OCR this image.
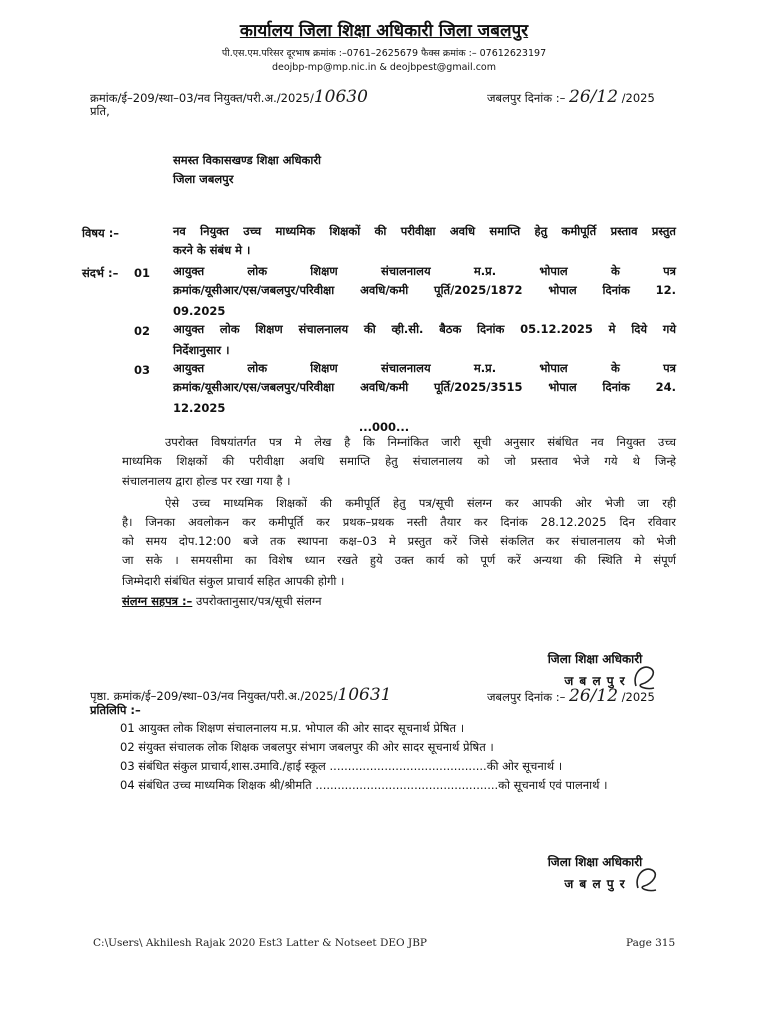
कार्यालय जिला शिक्षा अधिकारी जिला जबलपुर
पी.एस.एम.परिसर दूरभाष क्रमांक :–0761–2625679 फैक्स क्रमांक :– 07612623197
deojbp-mp@mp.nic.in & deojbpest@gmail.com
क्रमांक/ई–209/स्था–03/नव नियुक्त/परी.अ./2025/10630	जबलपुर दिनांक :– 26/12 /2025
प्रति,
समस्त विकासखण्ड शिक्षा अधिकारी
जिला जबलपुर
विषय :–	नव नियुक्त उच्च माध्यमिक शिक्षकों की परीवीक्षा अवधि समाप्ति हेतु कमीपूर्ति प्रस्ताव प्रस्तुत
करने के संबंध मे ।
संदर्भ :– 01 आयुक्त लोक शिक्षण संचालनालय म.प्र. भोपाल के पत्र
क्रमांक/यूसीआर/एस/जबलपुर/परिवीक्षा अवधि/कमी पूर्ति/2025/1872 भोपाल दिनांक 12.
09.2025
02 आयुक्त लोक शिक्षण संचालनालय की व्ही.सी. बैठक दिनांक 05.12.2025 मे दिये गये
निर्देशानुसार ।
03 आयुक्त लोक शिक्षण संचालनालय म.प्र. भोपाल के पत्र
क्रमांक/यूसीआर/एस/जबलपुर/परिवीक्षा अवधि/कमी पूर्ति/2025/3515 भोपाल दिनांक 24.
12.2025
...000...
उपरोक्त विषयांतर्गत पत्र मे लेख है कि निम्नांकित जारी सूची अनुसार संबंधित नव नियुक्त उच्च
माध्यमिक शिक्षकों की परीवीक्षा अवधि समाप्ति हेतु संचालनालय को जो प्रस्ताव भेजे गये थे जिन्हे
संचालनालय द्वारा होल्ड पर रखा गया है ।
ऐसे उच्च माध्यमिक शिक्षकों की कमीपूर्ति हेतु पत्र/सूची संलग्न कर आपकी ओर भेजी जा रही
है। जिनका अवलोकन कर कमीपूर्ति कर प्रथक–प्रथक नस्ती तैयार कर दिनांक 28.12.2025 दिन रविवार
को समय दोप.12:00 बजे तक स्थापना कक्ष–03 मे प्रस्तुत करें जिसे संकलित कर संचालनालय को भेजी
जा सके । समयसीमा का विशेष ध्यान रखते हुये उक्त कार्य को पूर्ण करें अन्यथा की स्थिति मे संपूर्ण
जिम्मेदारी संबंधित संकुल प्राचार्य सहित आपकी होगी ।
संलग्न सहपत्र :– उपरोक्तानुसार/पत्र/सूची संलग्न
जिला शिक्षा अधिकारी
ज ब ल पु र
पृष्ठा. क्रमांक/ई–209/स्था–03/नव नियुक्त/परी.अ./2025/10631	जबलपुर दिनांक :– 26/12 /2025
प्रतिलिपि :–
01 आयुक्त लोक शिक्षण संचालनालय म.प्र. भोपाल की ओर सादर सूचनार्थ प्रेषित ।
02 संयुक्त संचालक लोक शिक्षक जबलपुर संभाग जबलपुर की ओर सादर सूचनार्थ प्रेषित ।
03 संबंधित संकुल प्राचार्य,शास.उमावि./हाई स्कूल ...........................................की ओर सूचनार्थ ।
04 संबंधित उच्च माध्यमिक शिक्षक श्री/श्रीमति ..................................................को सूचनार्थ एवं पालनार्थ ।
जिला शिक्षा अधिकारी
ज ब ल पु र
C:\Users\ Akhilesh Rajak 2020 Est3 Latter & Notseet DEO JBP	Page 315
